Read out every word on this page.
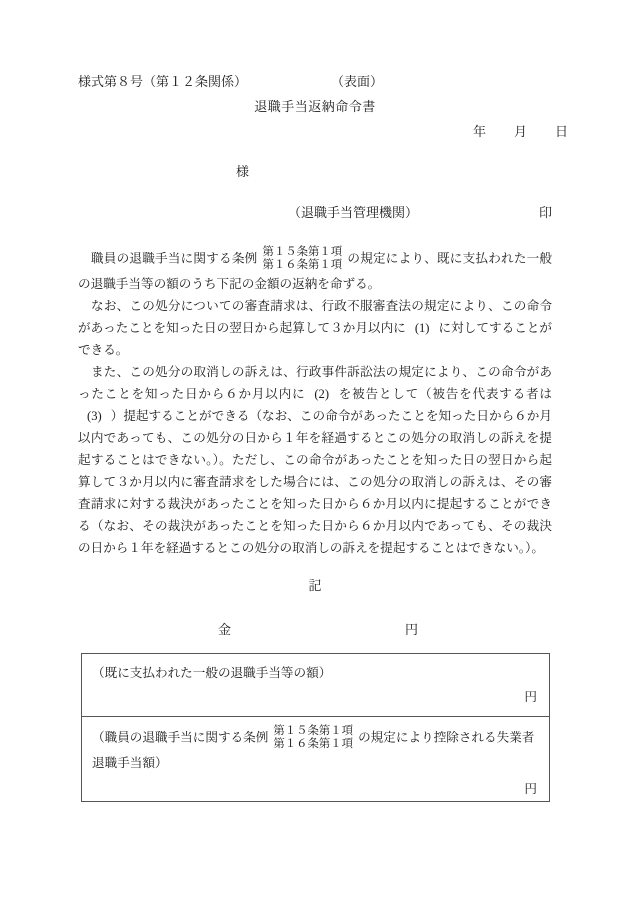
様式第８号（第１２条関係）	（表面）
退職手当返納命令書
年 月 日
様
（退職手当管理機関）	印

職員の退職手当に関する条例 第１５条第１項
第１６条第１項 の規定により、既に支払われた一般の退職手当等の額のうち下記の金額の返納を命ずる。

なお、この処分についての審査請求は、行政不服審査法の規定により、この命令があったことを知った日の翌日から起算して３か月以内に (1) に対してすることができる。

また、この処分の取消しの訴えは、行政事件訴訟法の規定により、この命令があったことを知った日から６か月以内に (2) を被告として（被告を代表する者は(3) ）提起することができる（なお、この命令があったことを知った日から６か月以内であっても、この処分の日から１年を経過するとこの処分の取消しの訴えを提起することはできない。）。ただし、この命令があったことを知った日の翌日から起算して３か月以内に審査請求をした場合には、この処分の取消しの訴えは、その審査請求に対する裁決があったことを知った日から６か月以内に提起することができる（なお、その裁決があったことを知った日から６か月以内であっても、その裁決の日から１年を経過するとこの処分の取消しの訴えを提起することはできない。）。

記
円
金
（既に支払われた一般の退職手当等の額）
円
（職員の退職手当に関する条例 第１５条第１項
第１６条第１項 の規定により控除される失業者退職手当額）
円
